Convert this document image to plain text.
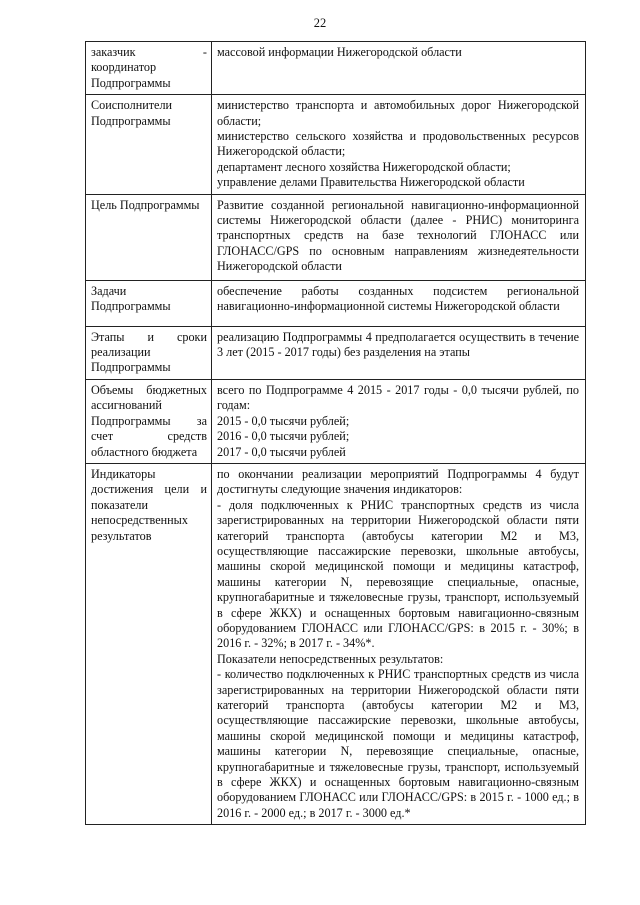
22
заказчик - координатор Подпрограммы	массовой информации Нижегородской области

Соисполнители Подпрограммы	министерство транспорта и автомобильных дорог Нижегородской области;
министерство сельского хозяйства и продовольственных ресурсов Нижегородской области;
департамент лесного хозяйства Нижегородской области;
управление делами Правительства Нижегородской области

Цель Подпрограммы	Развитие созданной региональной навигационно-информационной системы Нижегородской области (далее - РНИС) мониторинга транспортных средств на базе технологий ГЛОНАСС или ГЛОНАСС/GPS по основным направлениям жизнедеятельности Нижегородской области

Задачи Подпрограммы	обеспечение работы созданных подсистем региональной навигационно-информационной системы Нижегородской области

Этапы и сроки реализации Подпрограммы	реализацию Подпрограммы 4 предполагается осуществить в течение 3 лет (2015 - 2017 годы) без разделения на этапы

Объемы бюджетных ассигнований Подпрограммы за счет средств областного бюджета	всего по Подпрограмме 4 2015 - 2017 годы - 0,0 тысячи рублей, по годам:
2015 - 0,0 тысячи рублей;
2016 - 0,0 тысячи рублей;
2017 - 0,0 тысячи рублей

Индикаторы достижения цели и показатели непосредственных результатов	по окончании реализации мероприятий Подпрограммы 4 будут достигнуты следующие значения индикаторов:
- доля подключенных к РНИС транспортных средств из числа зарегистрированных на территории Нижегородской области пяти категорий транспорта (автобусы категории М2 и М3, осуществляющие пассажирские перевозки, школьные автобусы, машины скорой медицинской помощи и медицины катастроф, машины категории N, перевозящие специальные, опасные, крупногабаритные и тяжеловесные грузы, транспорт, используемый в сфере ЖКХ) и оснащенных бортовым навигационно-связным оборудованием ГЛОНАСС или ГЛОНАСС/GPS: в 2015 г. - 30%; в 2016 г. - 32%; в 2017 г. - 34%*.
Показатели непосредственных результатов:
- количество подключенных к РНИС транспортных средств из числа зарегистрированных на территории Нижегородской области пяти категорий транспорта (автобусы категории М2 и М3, осуществляющие пассажирские перевозки, школьные автобусы, машины скорой медицинской помощи и медицины катастроф, машины категории N, перевозящие специальные, опасные, крупногабаритные и тяжеловесные грузы, транспорт, используемый в сфере ЖКХ) и оснащенных бортовым навигационно-связным оборудованием ГЛОНАСС или ГЛОНАСС/GPS: в 2015 г. - 1000 ед.; в 2016 г. - 2000 ед.; в 2017 г. - 3000 ед.*
